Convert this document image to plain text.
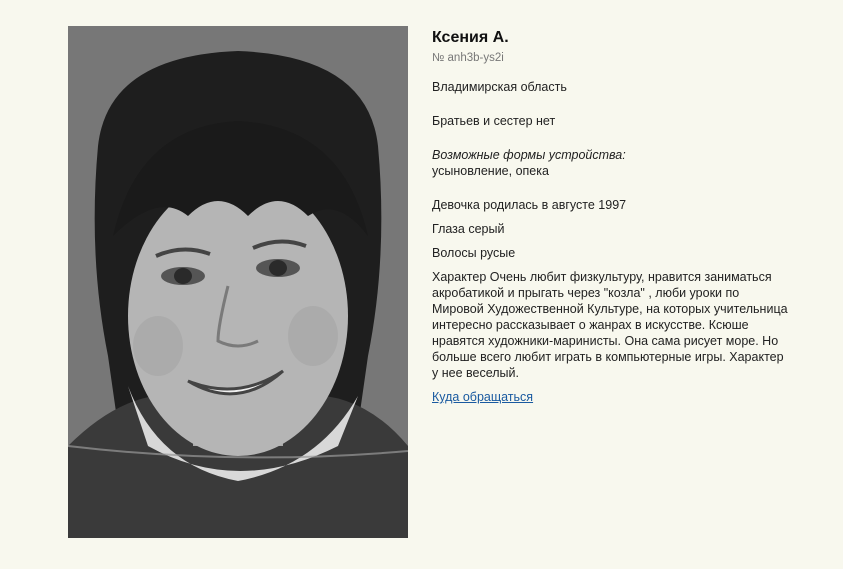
Ксения А.
№ anh3b-ys2i
Владимирская область
Братьев и сестер нет
Возможные формы устройства:
усыновление, опека
Девочка родилась в августе 1997
Глаза серый
Волосы русые
Характер Очень любит физкультуру, нравится заниматься акробатикой и прыгать через "козла" , люби уроки по Мировой Художественной Культуре, на которых учительница интересно рассказывает о жанрах в искусстве. Ксюше нравятся художники-маринисты. Она сама рисует море. Но больше всего любит играть в компьютерные игры. Характер у нее веселый.
Куда обращаться
